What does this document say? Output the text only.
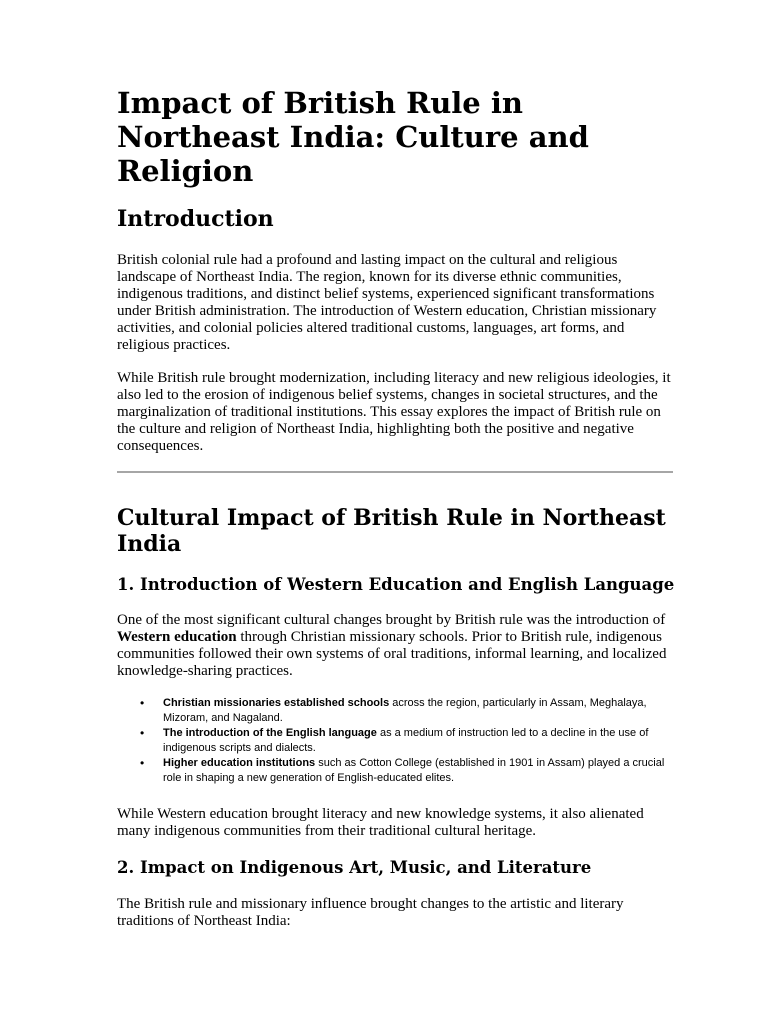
Impact of British Rule in Northeast India: Culture and Religion
Introduction

British colonial rule had a profound and lasting impact on the cultural and religious landscape of Northeast India. The region, known for its diverse ethnic communities, indigenous traditions, and distinct belief systems, experienced significant transformations under British administration. The introduction of Western education, Christian missionary activities, and colonial policies altered traditional customs, languages, art forms, and religious practices.

While British rule brought modernization, including literacy and new religious ideologies, it also led to the erosion of indigenous belief systems, changes in societal structures, and the marginalization of traditional institutions. This essay explores the impact of British rule on the culture and religion of Northeast India, highlighting both the positive and negative consequences.

Cultural Impact of British Rule in Northeast India
1. Introduction of Western Education and English Language

One of the most significant cultural changes brought by British rule was the introduction of Western education through Christian missionary schools. Prior to British rule, indigenous communities followed their own systems of oral traditions, informal learning, and localized knowledge-sharing practices.

• Christian missionaries established schools across the region, particularly in Assam, Meghalaya, Mizoram, and Nagaland.
• The introduction of the English language as a medium of instruction led to a decline in the use of indigenous scripts and dialects.
• Higher education institutions such as Cotton College (established in 1901 in Assam) played a crucial role in shaping a new generation of English-educated elites.

While Western education brought literacy and new knowledge systems, it also alienated many indigenous communities from their traditional cultural heritage.

2. Impact on Indigenous Art, Music, and Literature

The British rule and missionary influence brought changes to the artistic and literary traditions of Northeast India:
